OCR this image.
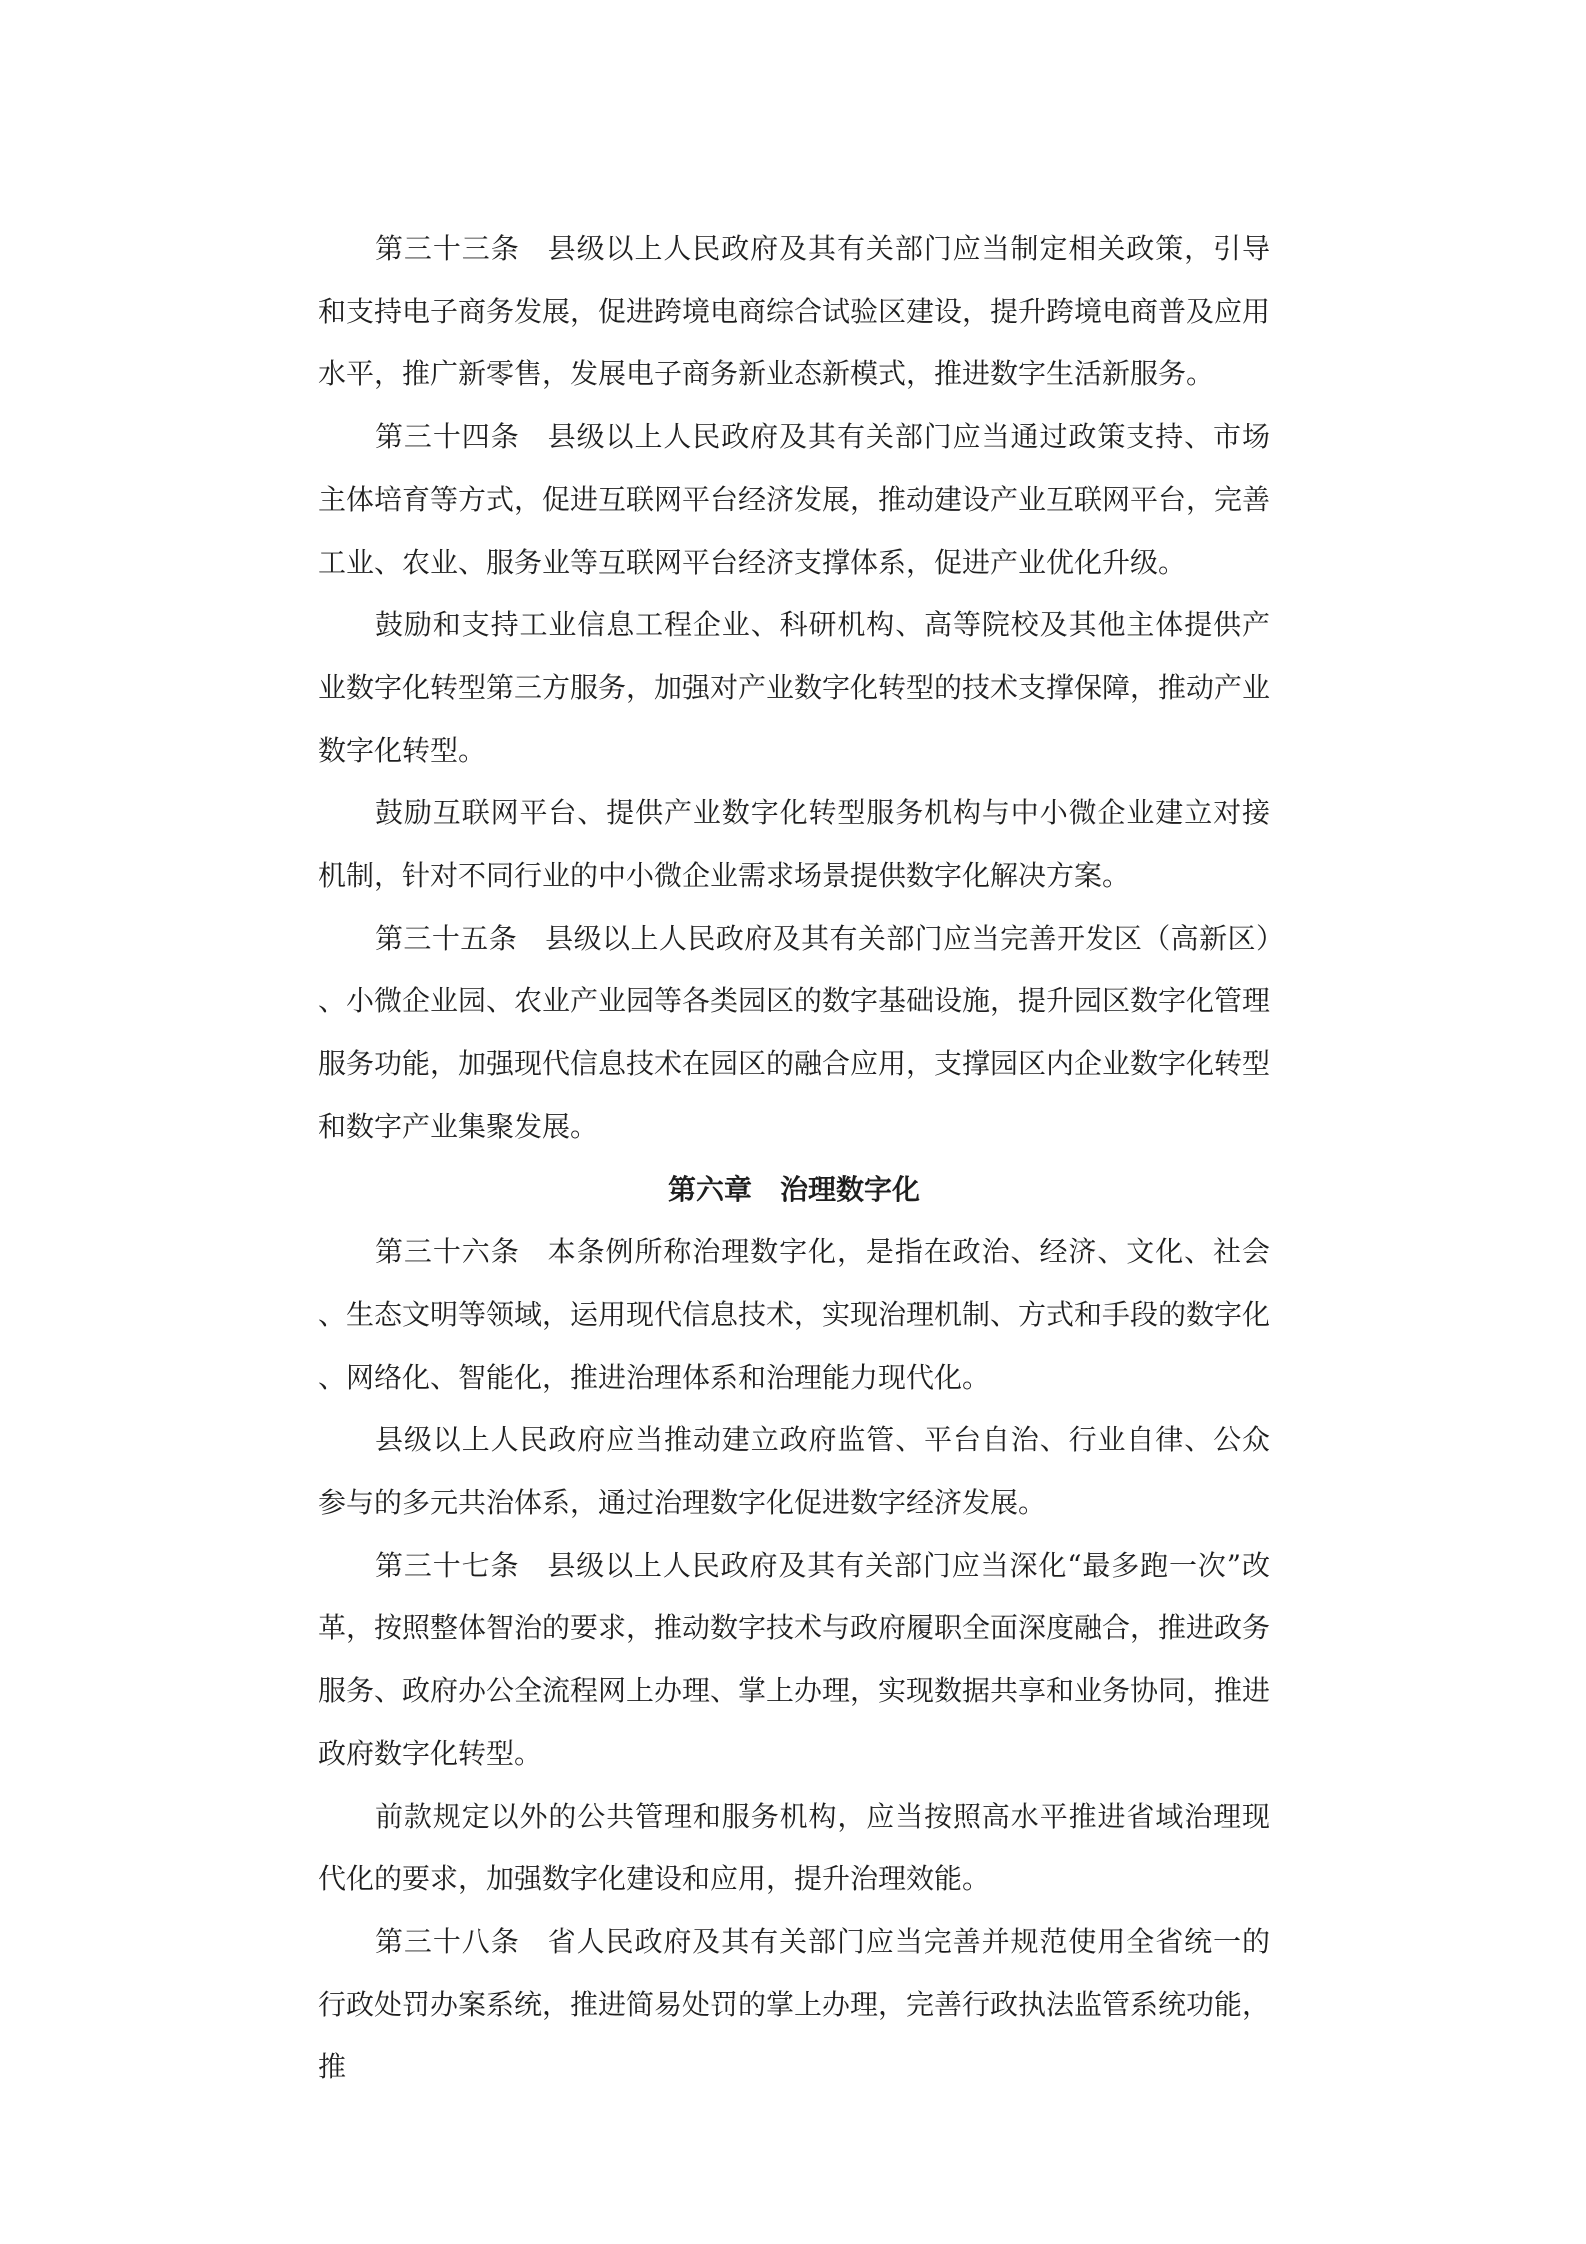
第三十三条 县级以上人民政府及其有关部门应当制定相关政策，引导和支持电子商务发展，促进跨境电商综合试验区建设，提升跨境电商普及应用水平，推广新零售，发展电子商务新业态新模式，推进数字生活新服务。

第三十四条 县级以上人民政府及其有关部门应当通过政策支持、市场主体培育等方式，促进互联网平台经济发展，推动建设产业互联网平台，完善工业、农业、服务业等互联网平台经济支撑体系，促进产业优化升级。

鼓励和支持工业信息工程企业、科研机构、高等院校及其他主体提供产业数字化转型第三方服务，加强对产业数字化转型的技术支撑保障，推动产业数字化转型。

鼓励互联网平台、提供产业数字化转型服务机构与中小微企业建立对接机制，针对不同行业的中小微企业需求场景提供数字化解决方案。

第三十五条 县级以上人民政府及其有关部门应当完善开发区（高新区）、小微企业园、农业产业园等各类园区的数字基础设施，提升园区数字化管理服务功能，加强现代信息技术在园区的融合应用，支撑园区内企业数字化转型和数字产业集聚发展。

第六章 治理数字化

第三十六条 本条例所称治理数字化，是指在政治、经济、文化、社会、生态文明等领域，运用现代信息技术，实现治理机制、方式和手段的数字化、网络化、智能化，推进治理体系和治理能力现代化。

县级以上人民政府应当推动建立政府监管、平台自治、行业自律、公众参与的多元共治体系，通过治理数字化促进数字经济发展。

第三十七条 县级以上人民政府及其有关部门应当深化“最多跑一次”改革，按照整体智治的要求，推动数字技术与政府履职全面深度融合，推进政务服务、政府办公全流程网上办理、掌上办理，实现数据共享和业务协同，推进政府数字化转型。

前款规定以外的公共管理和服务机构，应当按照高水平推进省域治理现代化的要求，加强数字化建设和应用，提升治理效能。

第三十八条 省人民政府及其有关部门应当完善并规范使用全省统一的行政处罚办案系统，推进简易处罚的掌上办理，完善行政执法监管系统功能，推
